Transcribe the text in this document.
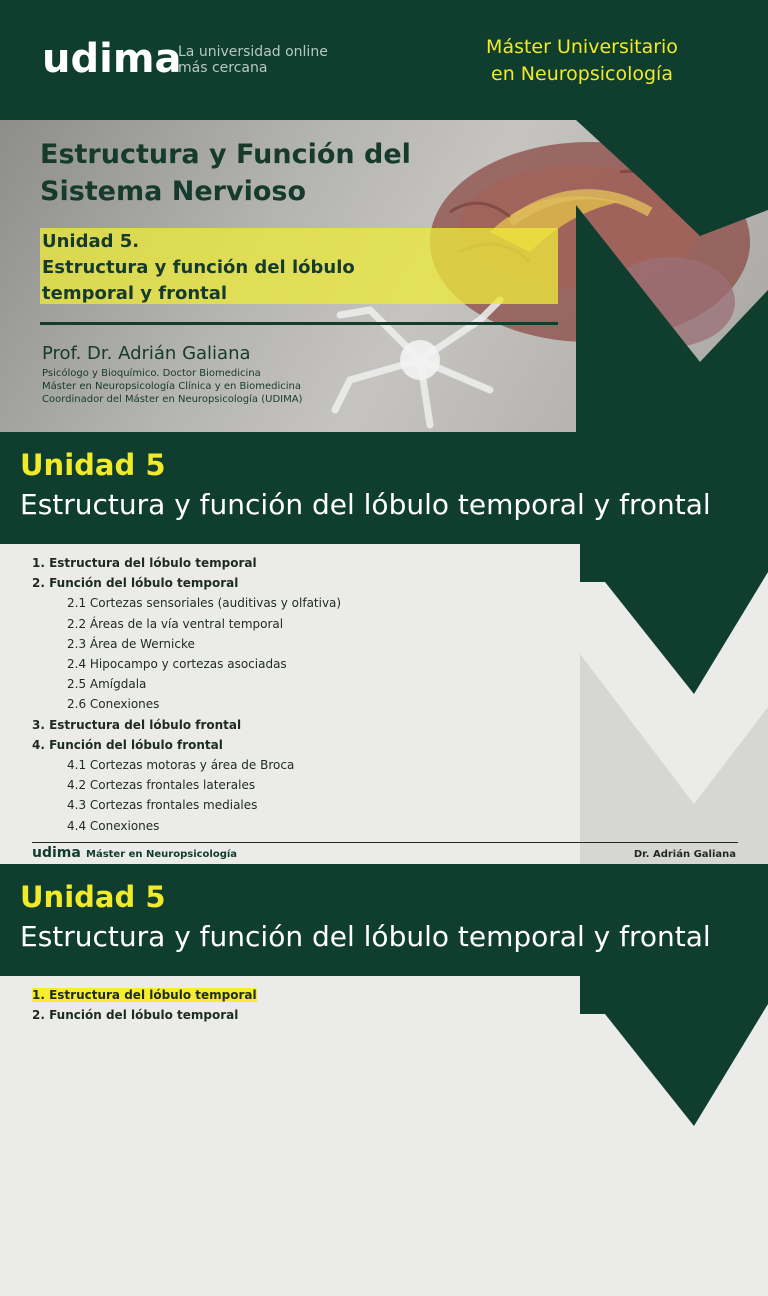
udima
La universidad online
más cercana
Máster Universitario
en Neuropsicología
Estructura y Función del
Sistema Nervioso
Unidad 5.
Estructura y función del lóbulo
temporal y frontal
Prof. Dr. Adrián Galiana
Psicólogo y Bioquímico. Doctor Biomedicina
Máster en Neuropsicología Clínica y en Biomedicina
Coordinador del Máster en Neuropsicología (UDIMA)
Unidad 5
Estructura y función del lóbulo temporal y frontal
1. Estructura del lóbulo temporal
2. Función del lóbulo temporal
2.1 Cortezas sensoriales (auditivas y olfativa)
2.2 Áreas de la vía ventral temporal
2.3 Área de Wernicke
2.4 Hipocampo y cortezas asociadas
2.5 Amígdala
2.6 Conexiones
3. Estructura del lóbulo frontal
4. Función del lóbulo frontal
4.1 Cortezas motoras y área de Broca
4.2 Cortezas frontales laterales
4.3 Cortezas frontales mediales
4.4 Conexiones
udima Máster en Neuropsicología	Dr. Adrián Galiana
Unidad 5
Estructura y función del lóbulo temporal y frontal
1. Estructura del lóbulo temporal
2. Función del lóbulo temporal
